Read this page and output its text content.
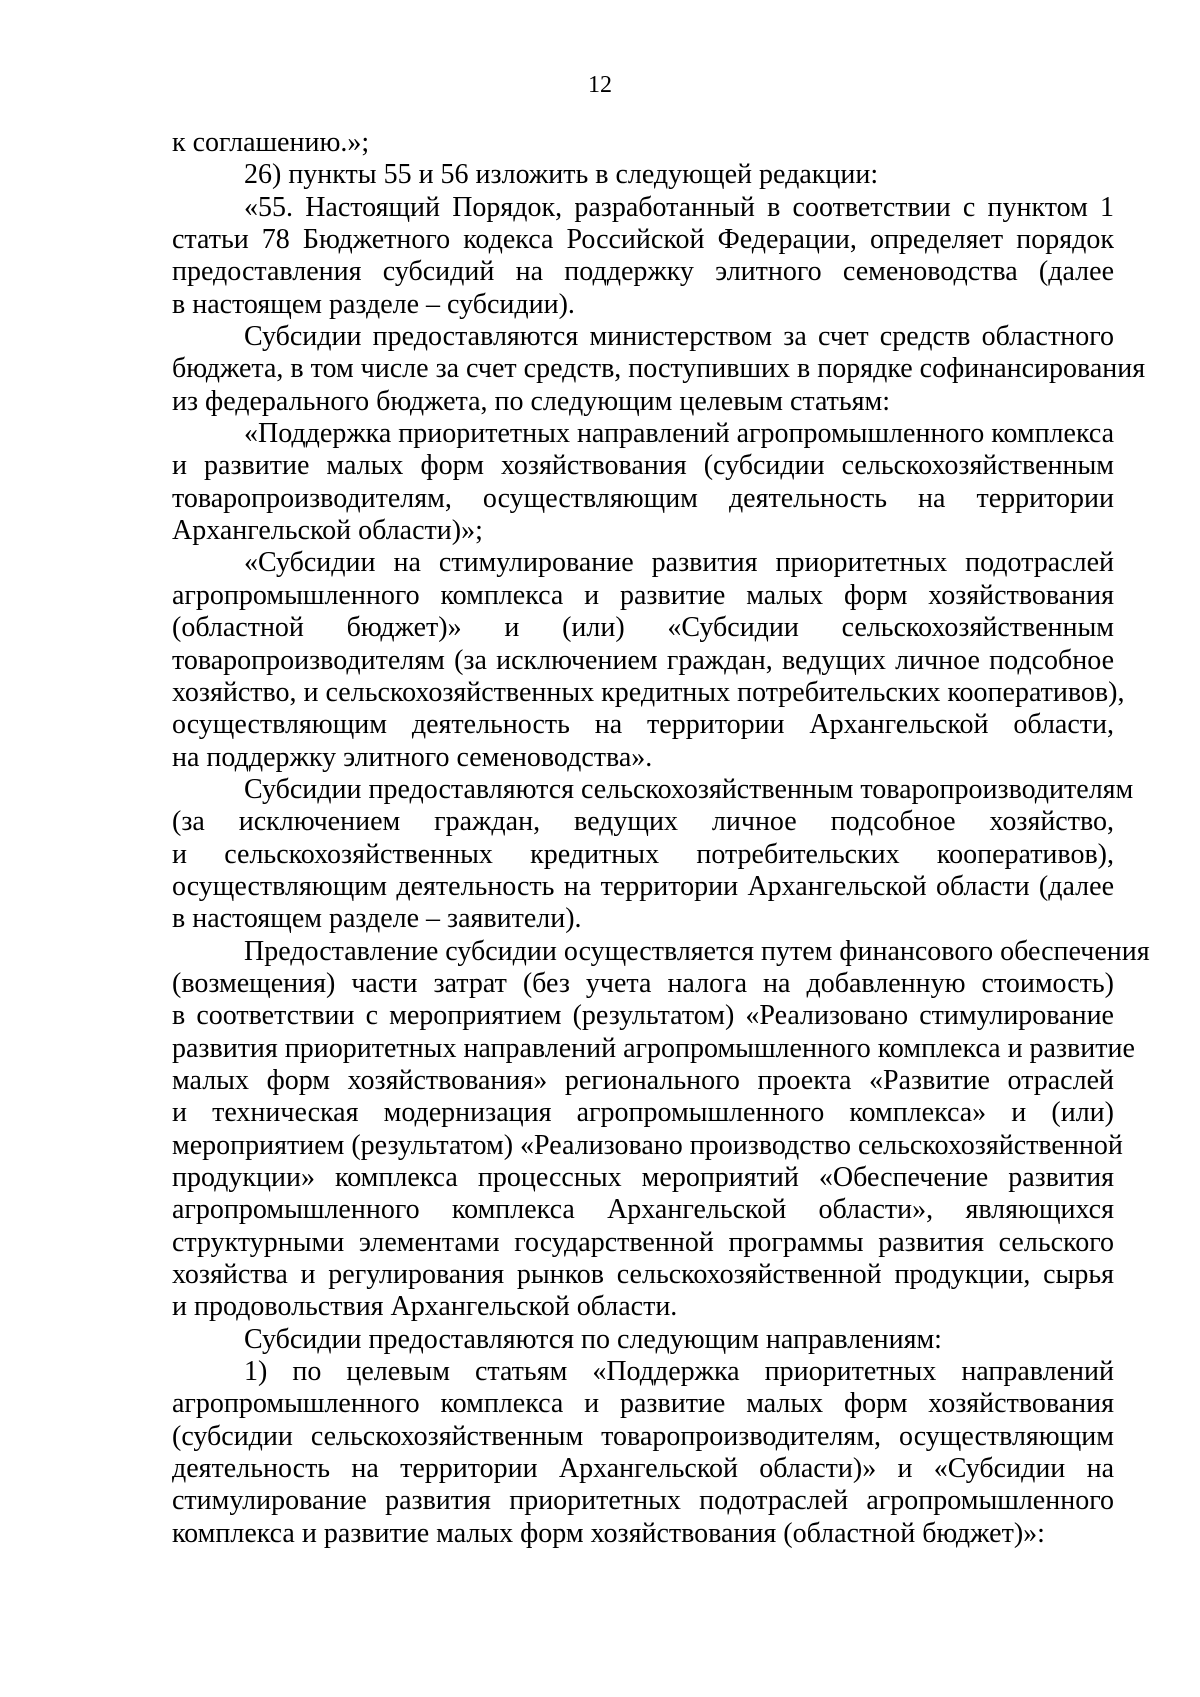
12
к соглашению.»;
26) пункты 55 и 56 изложить в следующей редакции:
«55. Настоящий Порядок, разработанный в соответствии с пунктом 1
статьи 78 Бюджетного кодекса Российской Федерации, определяет порядок
предоставления субсидий на поддержку элитного семеноводства (далее
в настоящем разделе – субсидии).
Субсидии предоставляются министерством за счет средств областного
бюджета, в том числе за счет средств, поступивших в порядке софинансирования
из федерального бюджета, по следующим целевым статьям:
«Поддержка приоритетных направлений агропромышленного комплекса
и развитие малых форм хозяйствования (субсидии сельскохозяйственным
товаропроизводителям, осуществляющим деятельность на территории
Архангельской области)»;
«Субсидии на стимулирование развития приоритетных подотраслей
агропромышленного комплекса и развитие малых форм хозяйствования
(областной бюджет)» и (или) «Субсидии сельскохозяйственным
товаропроизводителям (за исключением граждан, ведущих личное подсобное
хозяйство, и сельскохозяйственных кредитных потребительских кооперативов),
осуществляющим деятельность на территории Архангельской области,
на поддержку элитного семеноводства».
Субсидии предоставляются сельскохозяйственным товаропроизводителям
(за исключением граждан, ведущих личное подсобное хозяйство,
и сельскохозяйственных кредитных потребительских кооперативов),
осуществляющим деятельность на территории Архангельской области (далее
в настоящем разделе – заявители).
Предоставление субсидии осуществляется путем финансового обеспечения
(возмещения) части затрат (без учета налога на добавленную стоимость)
в соответствии с мероприятием (результатом) «Реализовано стимулирование
развития приоритетных направлений агропромышленного комплекса и развитие
малых форм хозяйствования» регионального проекта «Развитие отраслей
и техническая модернизация агропромышленного комплекса» и (или)
мероприятием (результатом) «Реализовано производство сельскохозяйственной
продукции» комплекса процессных мероприятий «Обеспечение развития
агропромышленного комплекса Архангельской области», являющихся
структурными элементами государственной программы развития сельского
хозяйства и регулирования рынков сельскохозяйственной продукции, сырья
и продовольствия Архангельской области.
Субсидии предоставляются по следующим направлениям:
1) по целевым статьям «Поддержка приоритетных направлений
агропромышленного комплекса и развитие малых форм хозяйствования
(субсидии сельскохозяйственным товаропроизводителям, осуществляющим
деятельность на территории Архангельской области)» и «Субсидии на
стимулирование развития приоритетных подотраслей агропромышленного
комплекса и развитие малых форм хозяйствования (областной бюджет)»:
